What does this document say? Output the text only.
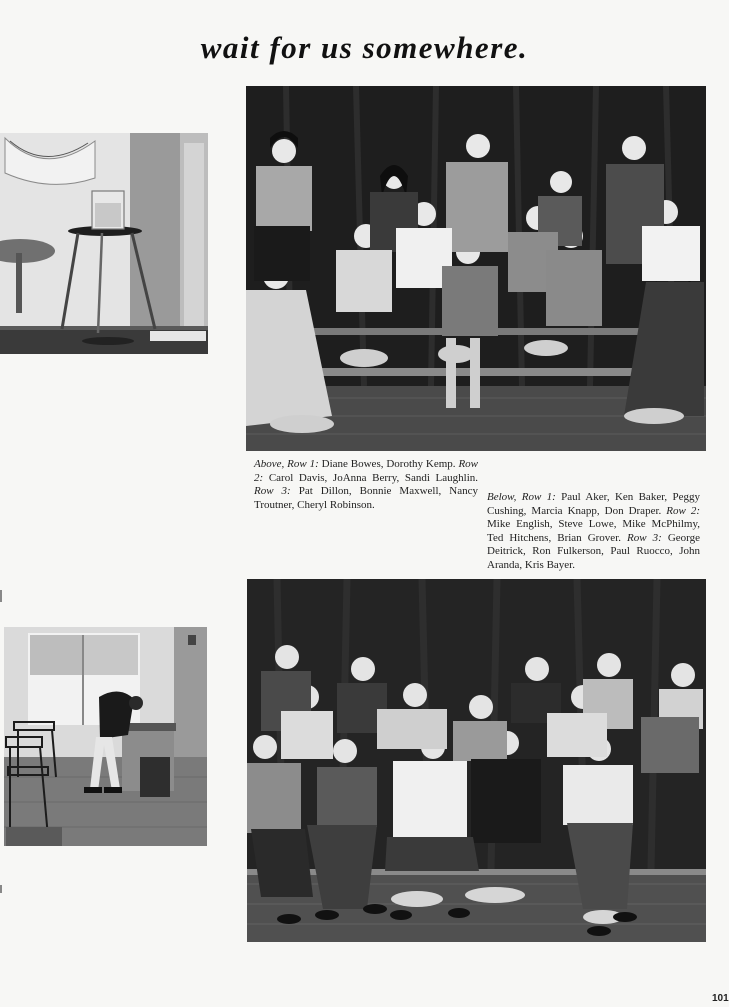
wait for us somewhere.
Above, Row 1: Diane Bowes, Dorothy Kemp. Row 2: Carol Davis, JoAnna Berry, Sandi Laughlin. Row 3: Pat Dillon, Bonnie Maxwell, Nancy Troutner, Cheryl Robinson.
Below, Row 1: Paul Aker, Ken Baker, Peggy Cushing, Marcia Knapp, Don Draper. Row 2: Mike English, Steve Lowe, Mike McPhilmy, Ted Hitchens, Brian Grover. Row 3: George Deitrick, Ron Fulkerson, Paul Ruocco, John Aranda, Kris Bayer.
101
